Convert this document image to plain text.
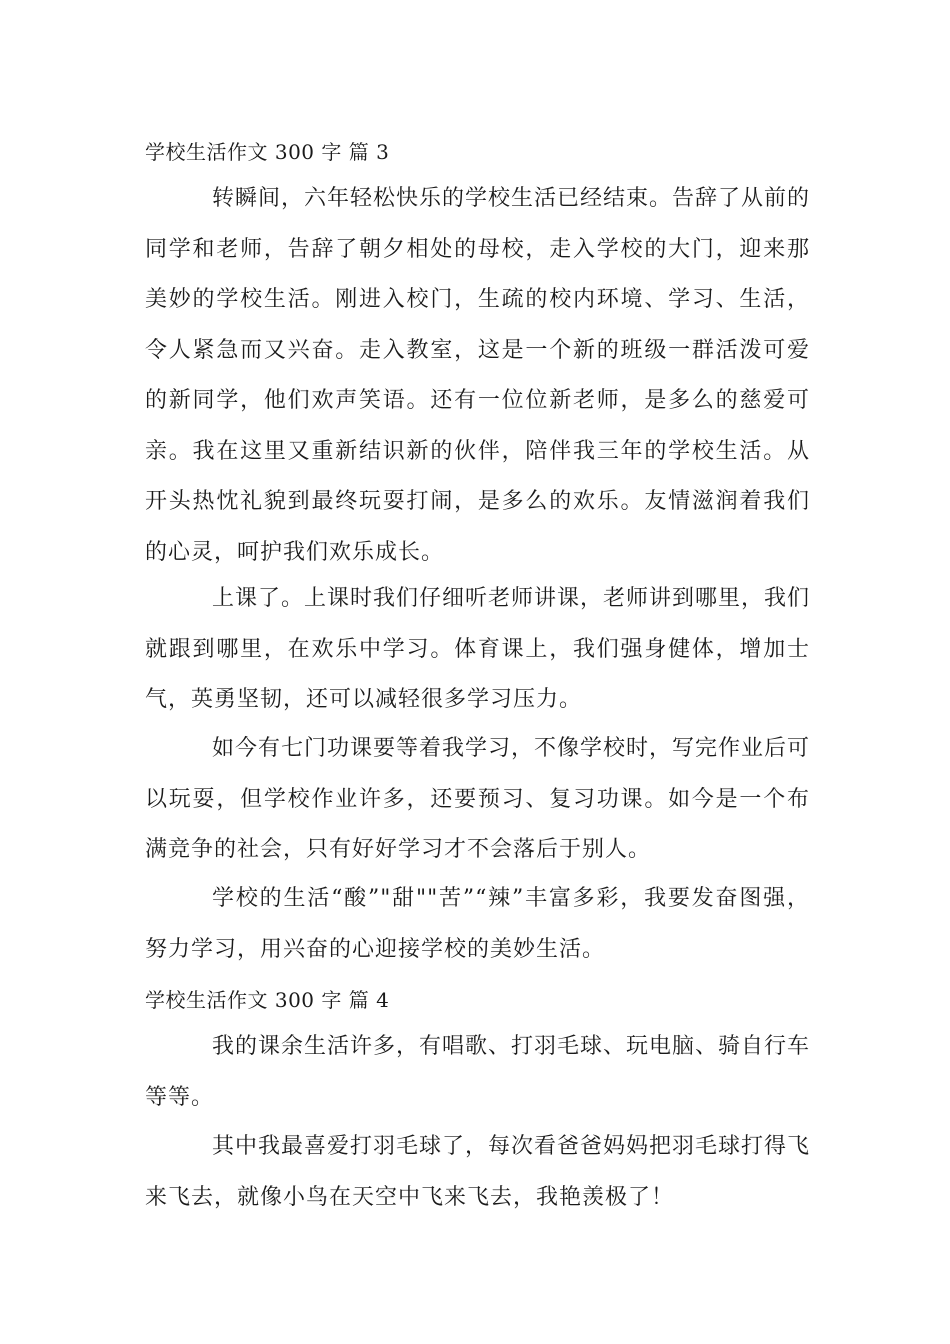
学校生活作文 300 字 篇 3

转瞬间，六年轻松快乐的学校生活已经结束。告辞了从前的同学和老师，告辞了朝夕相处的母校，走入学校的大门，迎来那美妙的学校生活。刚进入校门，生疏的校内环境、学习、生活，令人紧急而又兴奋。走入教室，这是一个新的班级一群活泼可爱的新同学，他们欢声笑语。还有一位位新老师，是多么的慈爱可亲。我在这里又重新结识新的伙伴，陪伴我三年的学校生活。从开头热忱礼貌到最终玩耍打闹，是多么的欢乐。友情滋润着我们的心灵，呵护我们欢乐成长。

上课了。上课时我们仔细听老师讲课，老师讲到哪里，我们就跟到哪里，在欢乐中学习。体育课上，我们强身健体，增加士气，英勇坚韧，还可以减轻很多学习压力。

如今有七门功课要等着我学习，不像学校时，写完作业后可以玩耍，但学校作业许多，还要预习、复习功课。如今是一个布满竞争的社会，只有好好学习才不会落后于别人。

学校的生活“酸”"甜""苦”“辣”丰富多彩，我要发奋图强，努力学习，用兴奋的心迎接学校的美妙生活。

学校生活作文 300 字 篇 4

我的课余生活许多，有唱歌、打羽毛球、玩电脑、骑自行车等等。

其中我最喜爱打羽毛球了，每次看爸爸妈妈把羽毛球打得飞来飞去，就像小鸟在天空中飞来飞去，我艳羡极了！
